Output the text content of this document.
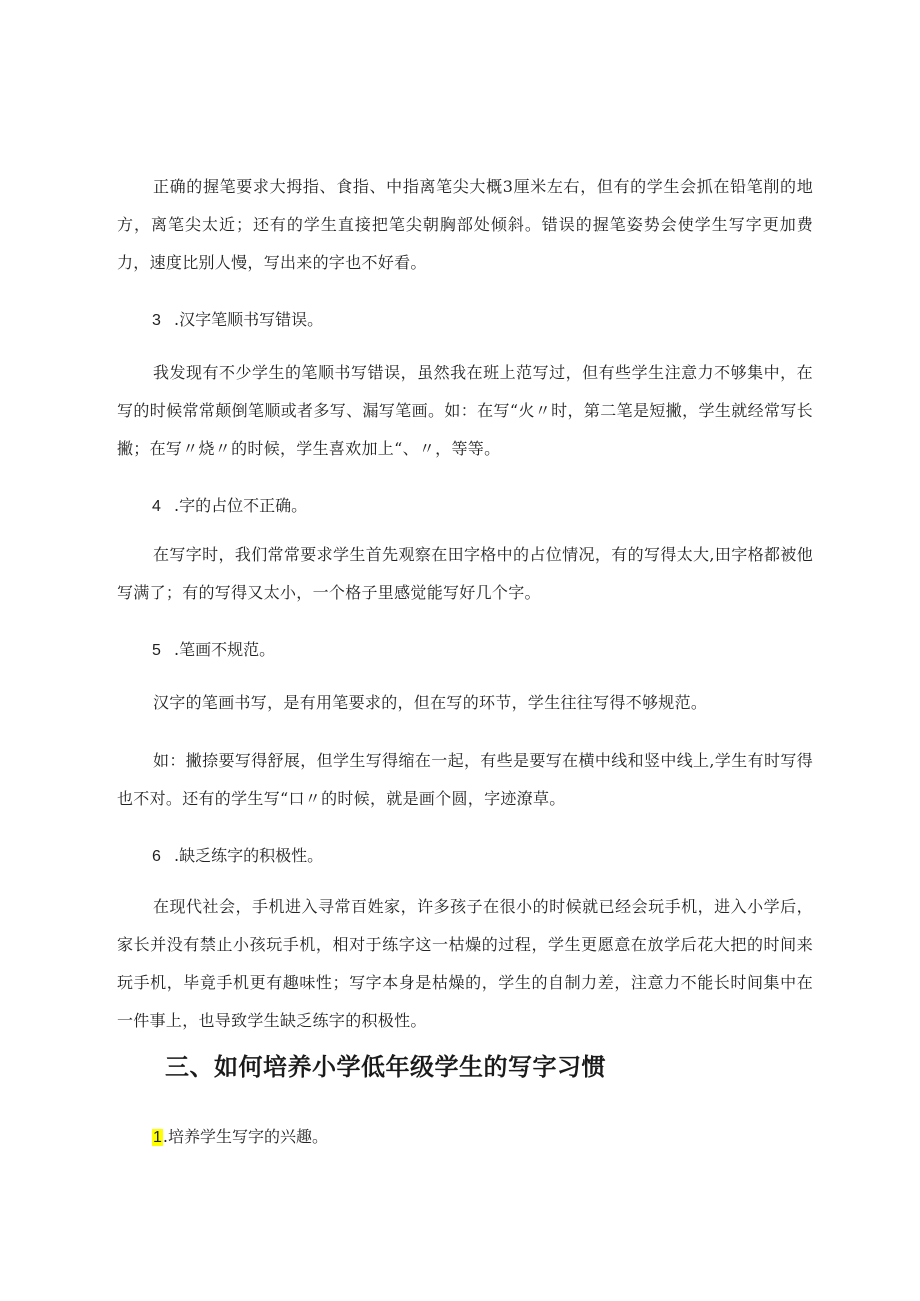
正确的握笔要求大拇指、食指、中指离笔尖大概3厘米左右，但有的学生会抓在铅笔削的地方，离笔尖太近；还有的学生直接把笔尖朝胸部处倾斜。错误的握笔姿势会使学生写字更加费力，速度比别人慢，写出来的字也不好看。

3 .汉字笔顺书写错误。

我发现有不少学生的笔顺书写错误，虽然我在班上范写过，但有些学生注意力不够集中，在写的时候常常颠倒笔顺或者多写、漏写笔画。如：在写“火〃时，第二笔是短撇，学生就经常写长撇；在写〃烧〃的时候，学生喜欢加上“、〃，等等。

4 .字的占位不正确。

在写字时，我们常常要求学生首先观察在田字格中的占位情况，有的写得太大,田字格都被他写满了；有的写得又太小，一个格子里感觉能写好几个字。

5 .笔画不规范。

汉字的笔画书写，是有用笔要求的，但在写的环节，学生往往写得不够规范。

如：撇捺要写得舒展，但学生写得缩在一起，有些是要写在横中线和竖中线上,学生有时写得也不对。还有的学生写“口〃的时候，就是画个圆，字迹潦草。

6 .缺乏练字的积极性。

在现代社会，手机进入寻常百姓家，许多孩子在很小的时候就已经会玩手机，进入小学后，家长并没有禁止小孩玩手机，相对于练字这一枯燥的过程，学生更愿意在放学后花大把的时间来玩手机，毕竟手机更有趣味性；写字本身是枯燥的，学生的自制力差，注意力不能长时间集中在一件事上，也导致学生缺乏练字的积极性。

三、如何培养小学低年级学生的写字习惯

1.培养学生写字的兴趣。
